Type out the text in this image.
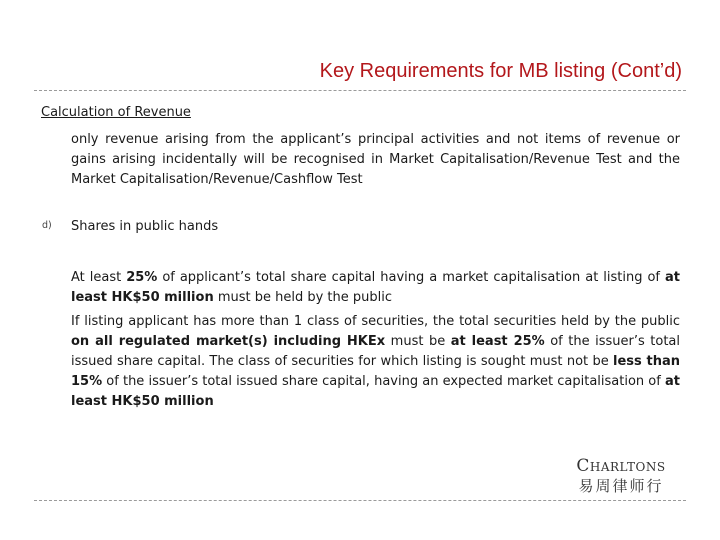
Key Requirements for MB listing (Cont’d)
Calculation of Revenue
only revenue arising from the applicant’s principal activities and not items of revenue or gains arising incidentally will be recognised in Market Capitalisation/Revenue Test and the Market Capitalisation/Revenue/Cashflow Test
d)	Shares in public hands
At least 25% of applicant’s total share capital having a market capitalisation at listing of at least HK$50 million must be held by the public
If listing applicant has more than 1 class of securities, the total securities held by the public on all regulated market(s) including HKEx must be at least 25% of the issuer’s total issued share capital. The class of securities for which listing is sought must not be less than 15% of the issuer’s total issued share capital, having an expected market capitalisation of at least HK$50 million
Charltons
易周律师行
